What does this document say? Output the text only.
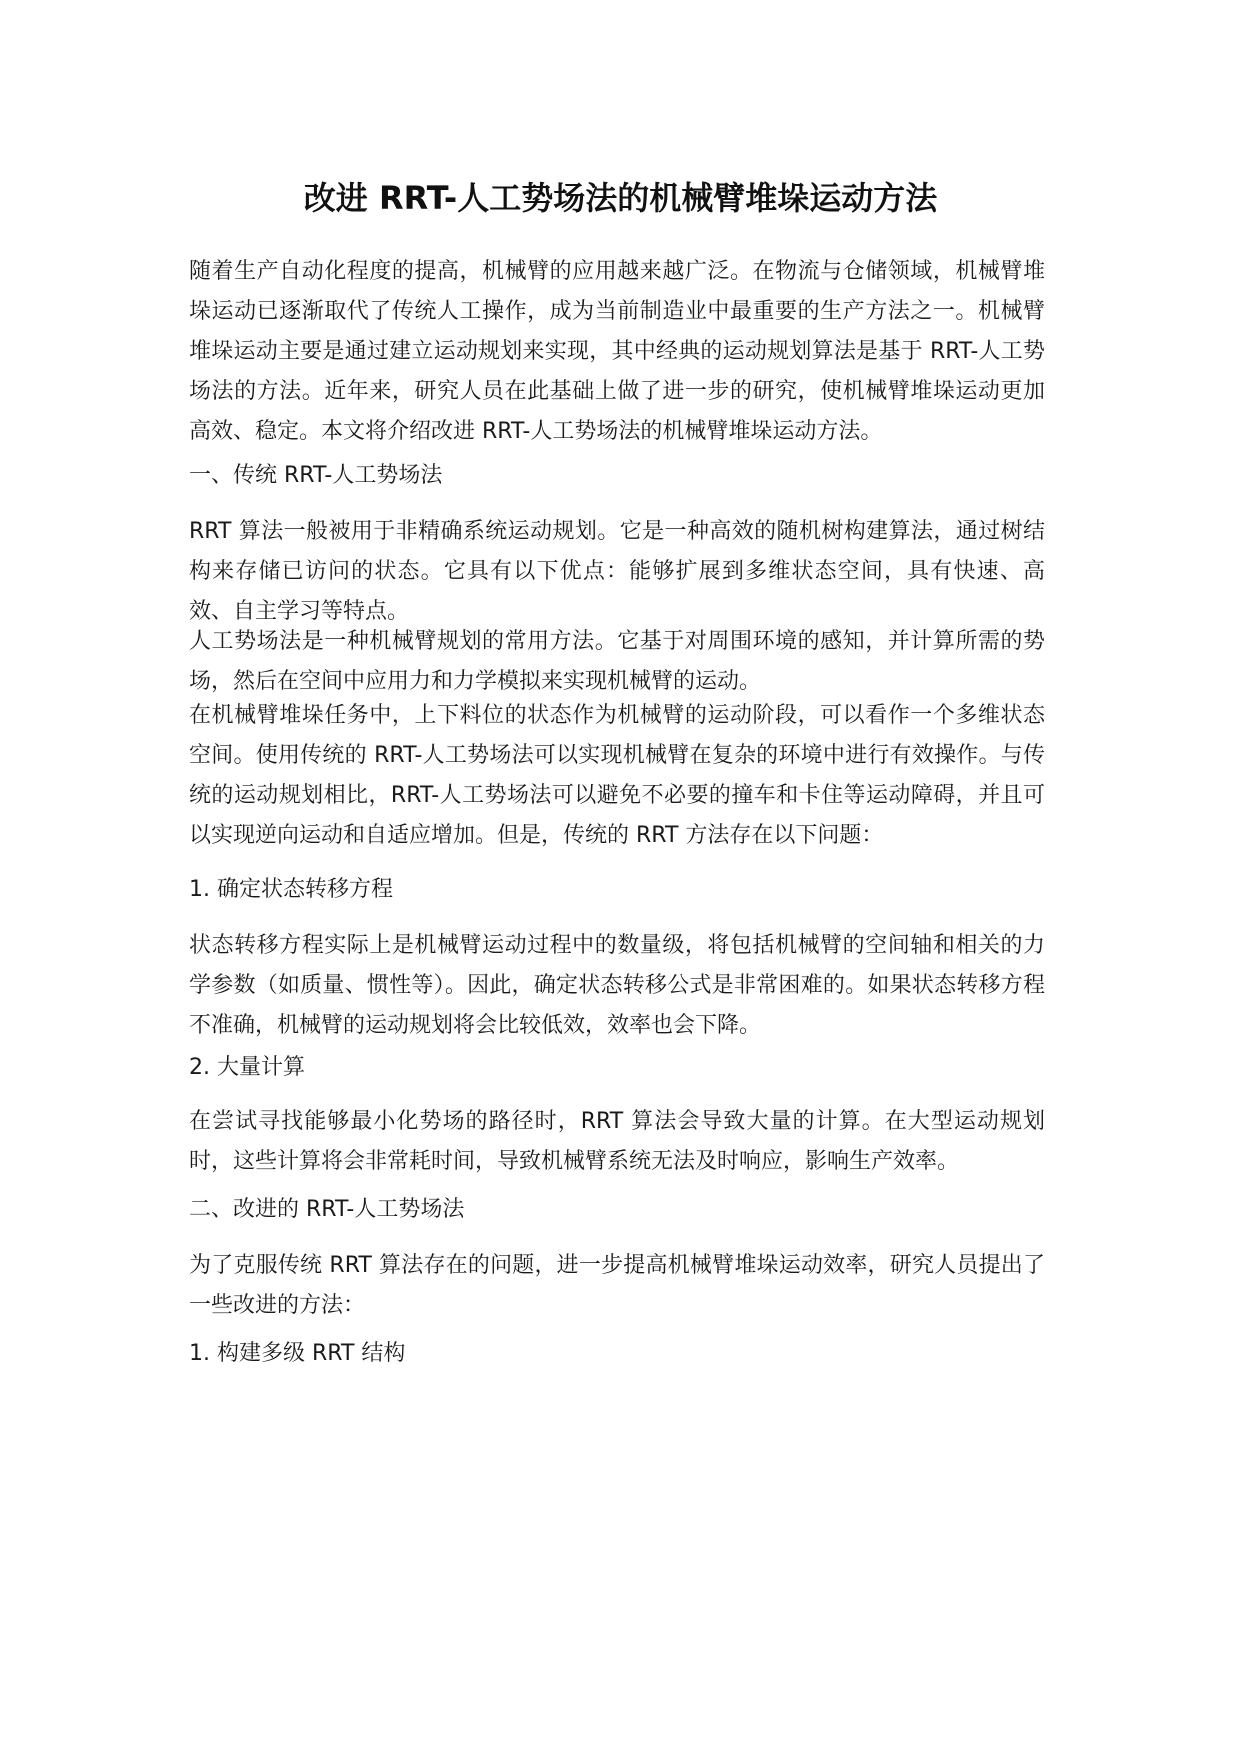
改进 RRT-人工势场法的机械臂堆垛运动方法

随着生产自动化程度的提高，机械臂的应用越来越广泛。在物流与仓储领域，机械臂堆垛运动已逐渐取代了传统人工操作，成为当前制造业中最重要的生产方法之一。机械臂堆垛运动主要是通过建立运动规划来实现，其中经典的运动规划算法是基于 RRT-人工势场法的方法。近年来，研究人员在此基础上做了进一步的研究，使机械臂堆垛运动更加高效、稳定。本文将介绍改进 RRT-人工势场法的机械臂堆垛运动方法。

一、传统 RRT-人工势场法

RRT 算法一般被用于非精确系统运动规划。它是一种高效的随机树构建算法，通过树结构来存储已访问的状态。它具有以下优点：能够扩展到多维状态空间，具有快速、高效、自主学习等特点。

人工势场法是一种机械臂规划的常用方法。它基于对周围环境的感知，并计算所需的势场，然后在空间中应用力和力学模拟来实现机械臂的运动。

在机械臂堆垛任务中，上下料位的状态作为机械臂的运动阶段，可以看作一个多维状态空间。使用传统的 RRT-人工势场法可以实现机械臂在复杂的环境中进行有效操作。与传统的运动规划相比，RRT-人工势场法可以避免不必要的撞车和卡住等运动障碍，并且可以实现逆向运动和自适应增加。但是，传统的 RRT 方法存在以下问题：

1. 确定状态转移方程

状态转移方程实际上是机械臂运动过程中的数量级，将包括机械臂的空间轴和相关的力学参数（如质量、惯性等）。因此，确定状态转移公式是非常困难的。如果状态转移方程不准确，机械臂的运动规划将会比较低效，效率也会下降。

2. 大量计算

在尝试寻找能够最小化势场的路径时，RRT 算法会导致大量的计算。在大型运动规划时，这些计算将会非常耗时间，导致机械臂系统无法及时响应，影响生产效率。

二、改进的 RRT-人工势场法

为了克服传统 RRT 算法存在的问题，进一步提高机械臂堆垛运动效率，研究人员提出了一些改进的方法：

1. 构建多级 RRT 结构
